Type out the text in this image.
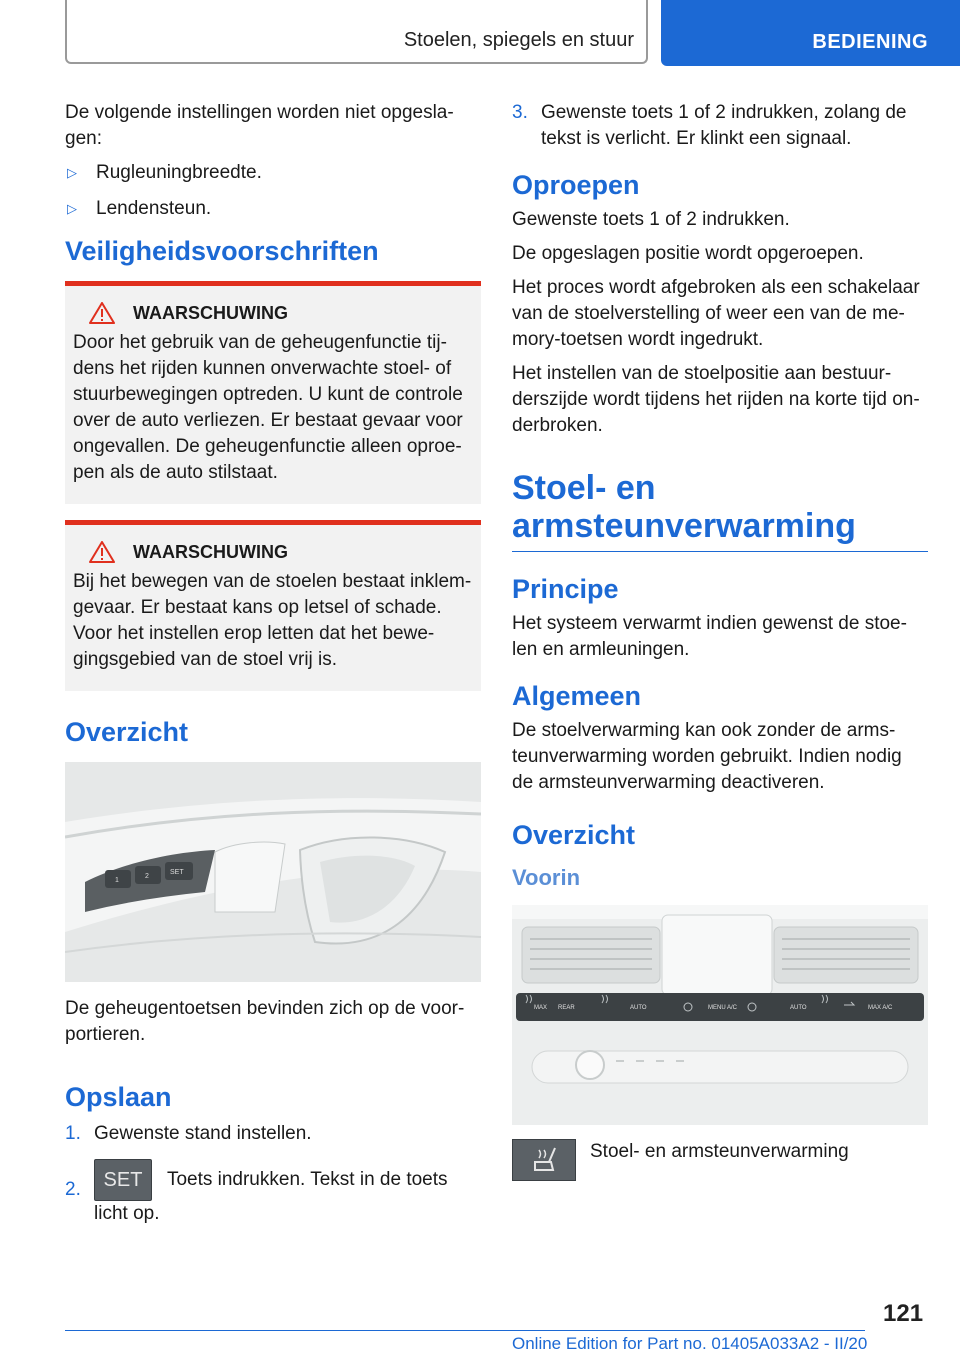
Stoelen, spiegels en stuur	BEDIENING

De volgende instellingen worden niet opgesla-gen:

▷	Rugleuningbreedte.
▷	Lendensteun.
Veiligheidsvoorschriften
WAARSCHUWING

Door het gebruik van de geheugenfunctie tij-dens het rijden kunnen onverwachte stoel- of stuurbewegingen optreden. U kunt de controle over de auto verliezen. Er bestaat gevaar voor ongevallen. De geheugenfunctie alleen oproe-pen als de auto stilstaat.

WAARSCHUWING

Bij het bewegen van de stoelen bestaat inklem-gevaar. Er bestaat kans op letsel of schade. Voor het instellen erop letten dat het bewe-gingsgebied van de stoel vrij is.

Overzicht
1
2
SET

De geheugentoetsen bevinden zich op de voor-portieren.

Opslaan
1. Gewenste stand instellen.
2.	SET Toets indrukken. Tekst in de toets licht op.
3. Gewenste toets 1 of 2 indrukken, zolang de tekst is verlicht. Er klinkt een signaal.
Oproepen

Gewenste toets 1 of 2 indrukken.

De opgeslagen positie wordt opgeroepen.

Het proces wordt afgebroken als een schakelaar van de stoelverstelling of weer een van de me-mory-toetsen wordt ingedrukt.

Het instellen van de stoelpositie aan bestuur-derszijde wordt tijdens het rijden na korte tijd on-derbroken.

Stoel- en armsteunverwarming
Principe

Het systeem verwarmt indien gewenst de stoe-len en armleuningen.

Algemeen

De stoelverwarming kan ook zonder de arms-teunverwarming worden gebruikt. Indien nodig de armsteunverwarming deactiveren.

Overzicht
Voorin
MAX REAR	AUTO	MENU A/C	AUTO	MAX A/C
Stoel- en armsteunverwarming
121
Online Edition for Part no. 01405A033A2 - II/20
